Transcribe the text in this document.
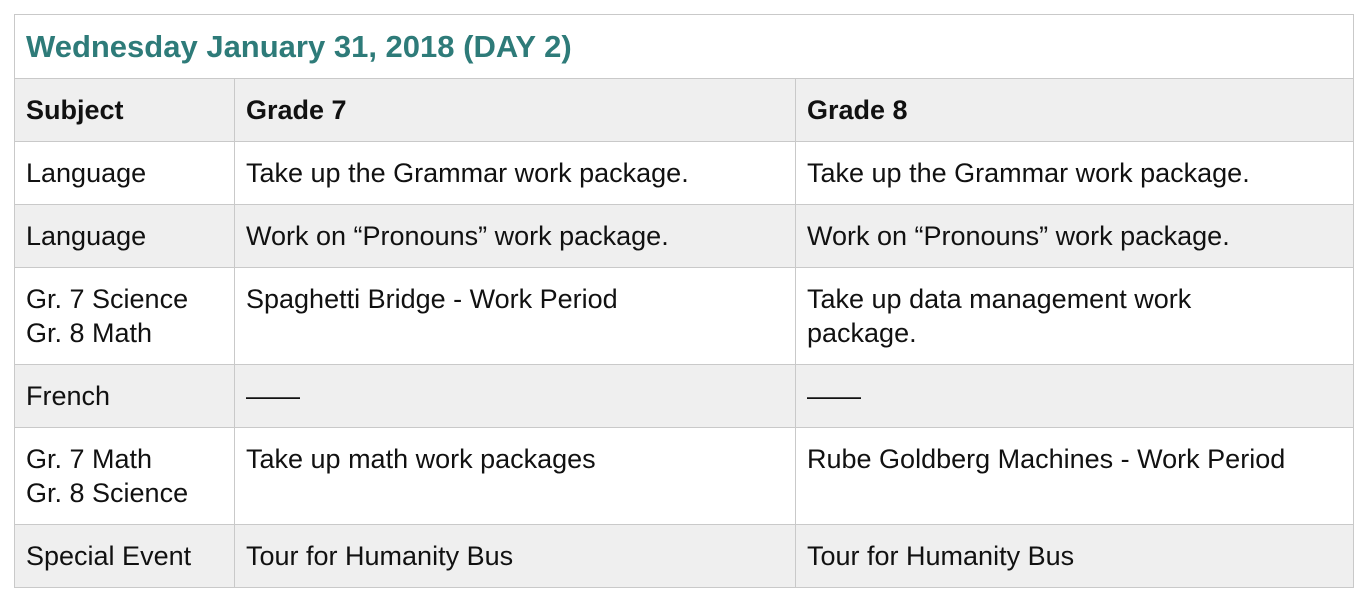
Wednesday January 31, 2018 (DAY 2)		
Subject	Grade 7	Grade 8

Language	Take up the Grammar work package.	Take up the Grammar work package.

Language	Work on “Pronouns” work package.	Work on “Pronouns” work package.

Gr. 7 Science
Gr. 8 Math	Spaghetti Bridge - Work Period	Take up data management work
package.

French	——	——

Gr. 7 Math
Gr. 8 Science	Take up math work packages	Rube Goldberg Machines - Work Period

Special Event	Tour for Humanity Bus	Tour for Humanity Bus
